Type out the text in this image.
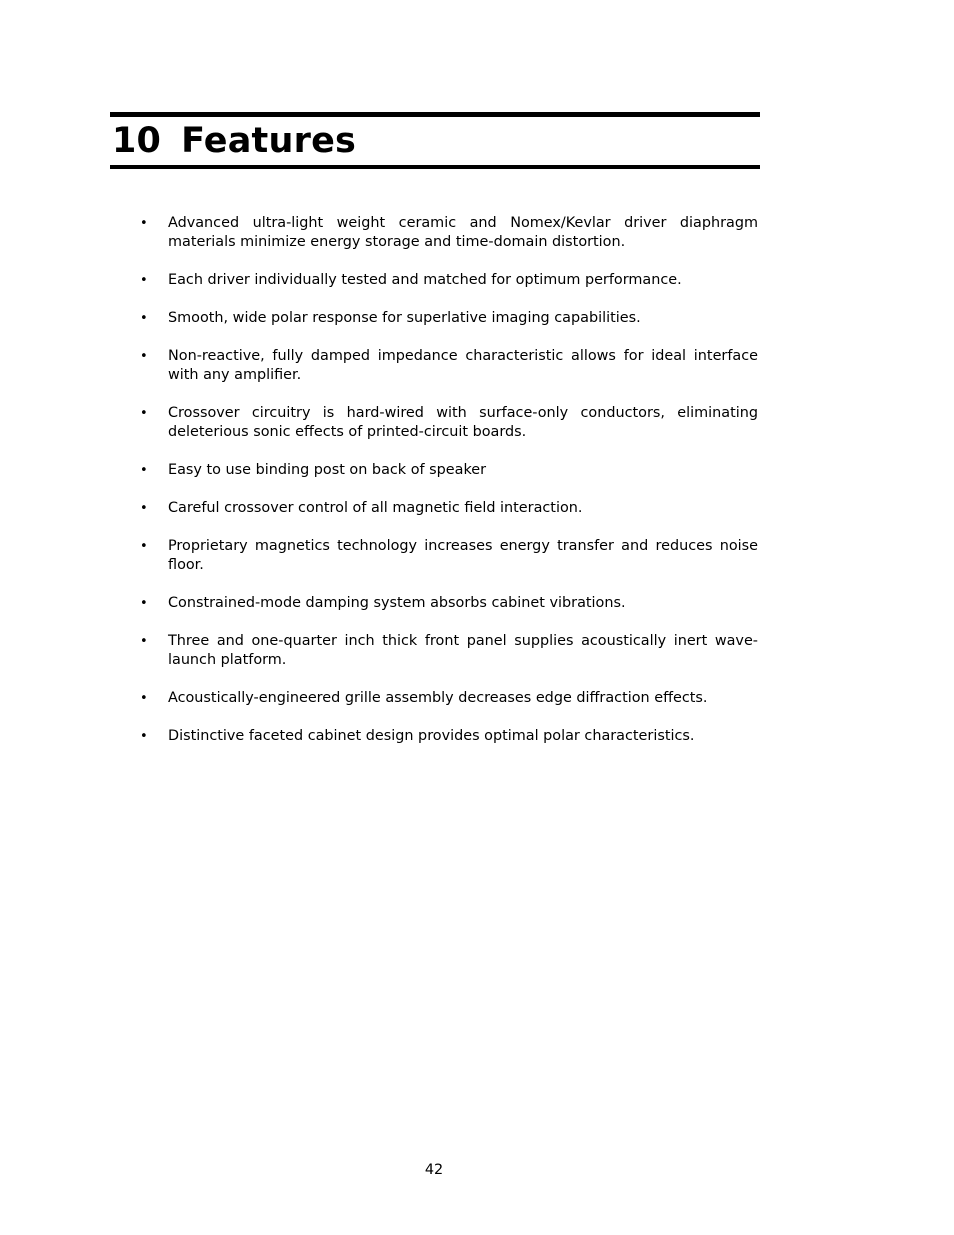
10 Features
• Advanced ultra-light weight ceramic and Nomex/Kevlar driver diaphragm materials minimize energy storage and time-domain distortion.
• Each driver individually tested and matched for optimum performance.
• Smooth, wide polar response for superlative imaging capabilities.
• Non-reactive, fully damped impedance characteristic allows for ideal interface with any amplifier.
• Crossover circuitry is hard-wired with surface-only conductors, eliminating deleterious sonic effects of printed-circuit boards.
• Easy to use binding post on back of speaker
• Careful crossover control of all magnetic field interaction.
• Proprietary magnetics technology increases energy transfer and reduces noise floor.
• Constrained-mode damping system absorbs cabinet vibrations.
• Three and one-quarter inch thick front panel supplies acoustically inert wave-launch platform.
• Acoustically-engineered grille assembly decreases edge diffraction effects.
• Distinctive faceted cabinet design provides optimal polar characteristics.
42
